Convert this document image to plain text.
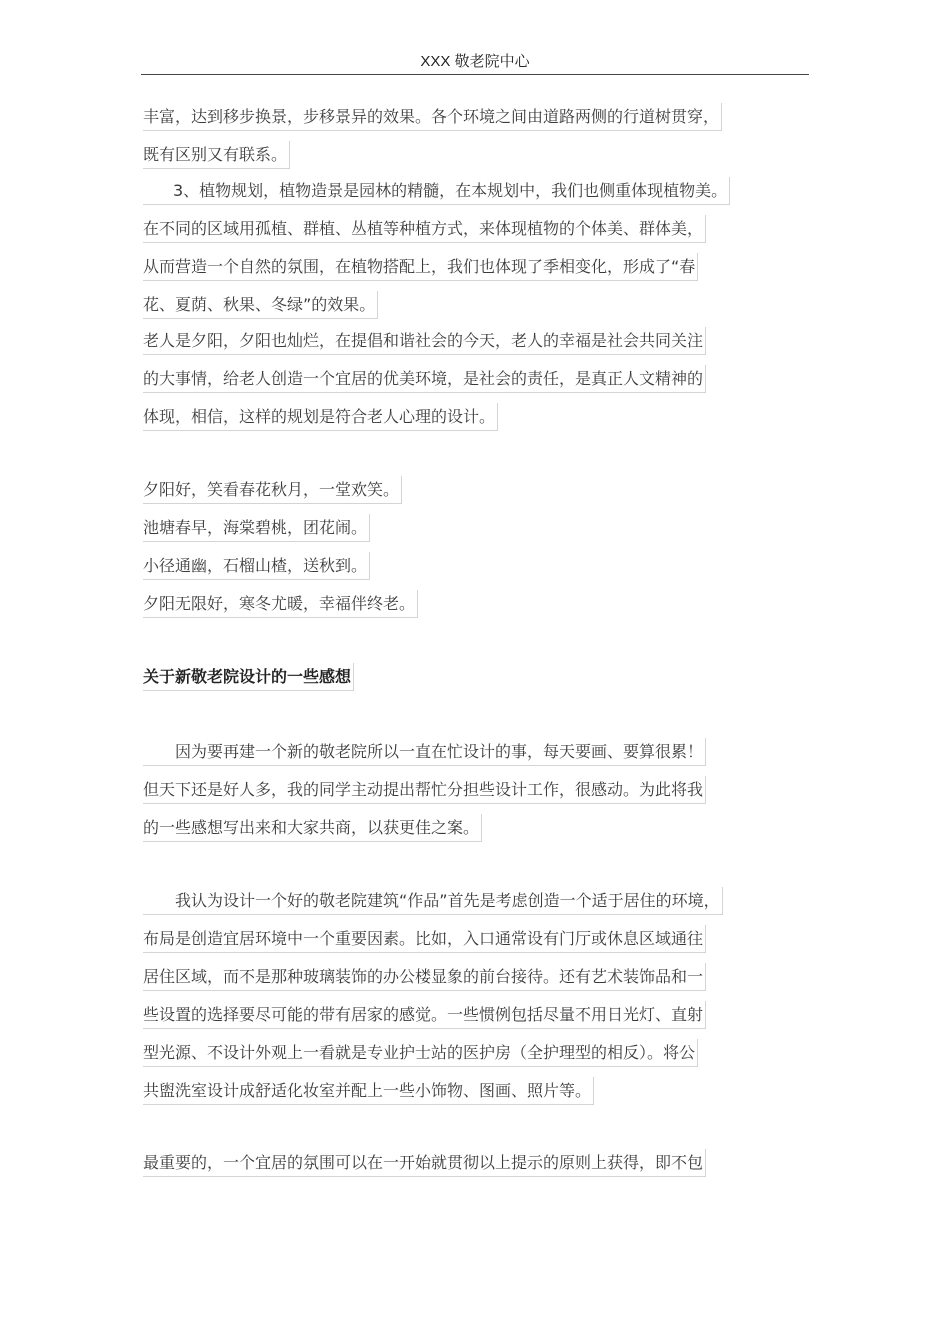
XXX 敬老院中心
丰富，达到移步换景，步移景异的效果。各个环境之间由道路两侧的行道树贯穿，
既有区别又有联系。
3、植物规划，植物造景是园林的精髓，在本规划中，我们也侧重体现植物美。
在不同的区域用孤植、群植、丛植等种植方式，来体现植物的个体美、群体美，
从而营造一个自然的氛围，在植物搭配上，我们也体现了季相变化，形成了“春
花、夏荫、秋果、冬绿”的效果。
老人是夕阳，夕阳也灿烂，在提倡和谐社会的今天，老人的幸福是社会共同关注
的大事情，给老人创造一个宜居的优美环境，是社会的责任，是真正人文精神的
体现，相信，这样的规划是符合老人心理的设计。
夕阳好，笑看春花秋月，一堂欢笑。
池塘春早，海棠碧桃，团花闹。
小径通幽，石榴山楂，送秋到。
夕阳无限好，寒冬尤暖，幸福伴终老。
关于新敬老院设计的一些感想
因为要再建一个新的敬老院所以一直在忙设计的事，每天要画、要算很累！
但天下还是好人多，我的同学主动提出帮忙分担些设计工作，很感动。为此将我
的一些感想写出来和大家共商，以获更佳之案。
我认为设计一个好的敬老院建筑“作品”首先是考虑创造一个适于居住的环境，
布局是创造宜居环境中一个重要因素。比如，入口通常设有门厅或休息区域通往
居住区域，而不是那种玻璃装饰的办公楼显象的前台接待。还有艺术装饰品和一
些设置的选择要尽可能的带有居家的感觉。一些惯例包括尽量不用日光灯、直射
型光源、不设计外观上一看就是专业护士站的医护房（全护理型的相反）。将公
共盥洗室设计成舒适化妆室并配上一些小饰物、图画、照片等。
最重要的，一个宜居的氛围可以在一开始就贯彻以上提示的原则上获得，即不包
